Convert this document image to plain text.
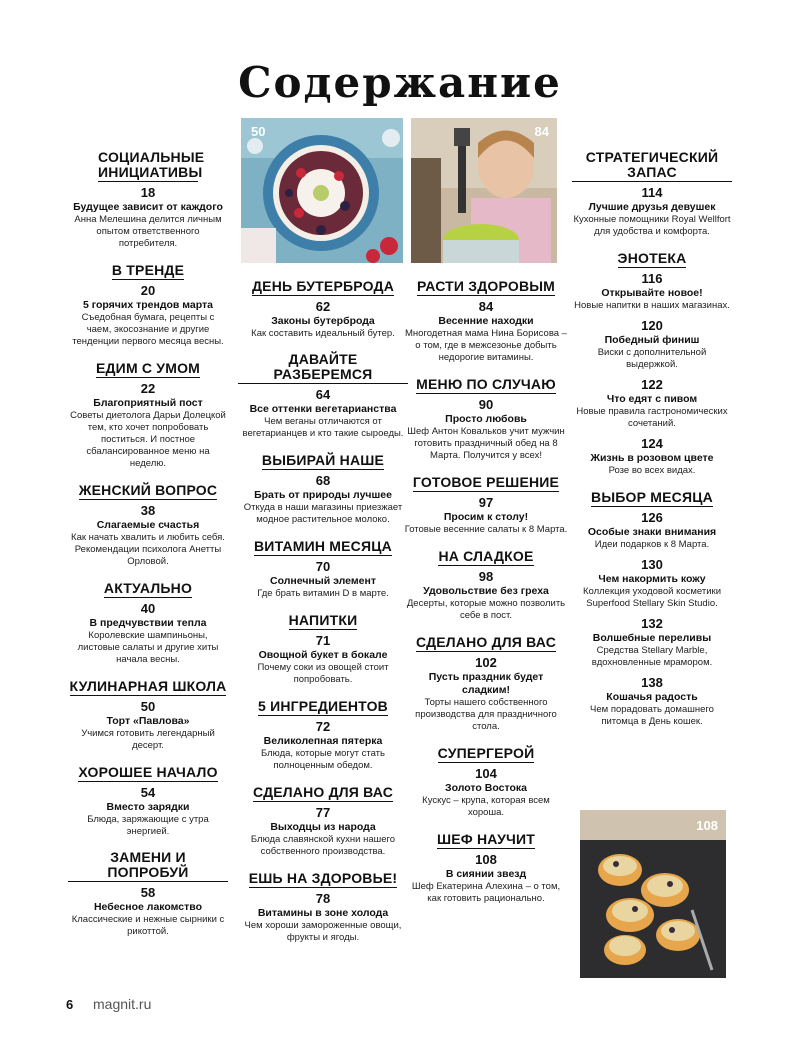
Содержание
50	84
108
СОЦИАЛЬНЫЕ ИНИЦИАТИВЫ
18
Будущее зависит от каждого
Анна Мелешина делится личным опытом ответственного потребителя.
В ТРЕНДЕ
20
5 горячих трендов марта
Съедобная бумага, рецепты с чаем, экосознание и другие тенденции первого месяца весны.
ЕДИМ С УМОМ
22
Благоприятный пост
Советы диетолога Дарьи Долецкой тем, кто хочет попробовать поститься. И постное сбалансированное меню на неделю.
ЖЕНСКИЙ ВОПРОС
38
Слагаемые счастья
Как начать хвалить и любить себя. Рекомендации психолога Анетты Орловой.
АКТУАЛЬНО
40
В предчувствии тепла
Королевские шампиньоны, листовые салаты и другие хиты начала весны.
КУЛИНАРНАЯ ШКОЛА
50
Торт «Павлова»
Учимся готовить легендарный десерт.
ХОРОШЕЕ НАЧАЛО
54
Вместо зарядки
Блюда, заряжающие с утра энергией.
ЗАМЕНИ И ПОПРОБУЙ
58
Небесное лакомство
Классические и нежные сырники с рикоттой.
ДЕНЬ БУТЕРБРОДА
62
Законы бутерброда
Как составить идеальный бутер.
ДАВАЙТЕ РАЗБЕРЕМСЯ
64
Все оттенки вегетарианства
Чем веганы отличаются от вегетарианцев и кто такие сыроеды.
ВЫБИРАЙ НАШЕ
68
Брать от природы лучшее
Откуда в наши магазины приезжает модное растительное молоко.
ВИТАМИН МЕСЯЦА
70
Солнечный элемент
Где брать витамин D в марте.
НАПИТКИ
71
Овощной букет в бокале
Почему соки из овощей стоит попробовать.
5 ИНГРЕДИЕНТОВ
72
Великолепная пятерка
Блюда, которые могут стать полноценным обедом.
СДЕЛАНО ДЛЯ ВАС
77
Выходцы из народа
Блюда славянской кухни нашего собственного производства.
ЕШЬ НА ЗДОРОВЬЕ!
78
Витамины в зоне холода
Чем хороши замороженные овощи, фрукты и ягоды.
РАСТИ ЗДОРОВЫМ
84
Весенние находки
Многодетная мама Нина Борисова – о том, где в межсезонье добыть недорогие витамины.
МЕНЮ ПО СЛУЧАЮ
90
Просто любовь
Шеф Антон Ковальков учит мужчин готовить праздничный обед на 8 Марта. Получится у всех!
ГОТОВОЕ РЕШЕНИЕ
97
Просим к столу!
Готовые весенние салаты к 8 Марта.
НА СЛАДКОЕ
98
Удовольствие без греха
Десерты, которые можно позволить себе в пост.
СДЕЛАНО ДЛЯ ВАС
102
Пусть праздник будет сладким!
Торты нашего собственного производства для праздничного стола.
СУПЕРГЕРОЙ
104
Золото Востока
Кускус – крупа, которая всем хороша.
ШЕФ НАУЧИТ
108
В сиянии звезд
Шеф Екатерина Алехина – о том, как готовить рационально.
СТРАТЕГИЧЕСКИЙ ЗАПАС
114
Лучшие друзья девушек
Кухонные помощники Royal Wellfort для удобства и комфорта.
ЭНОТЕКА
116
Открывайте новое!
Новые напитки в наших магазинах.
120
Победный финиш
Виски с дополнительной выдержкой.
122
Что едят с пивом
Новые правила гастрономических сочетаний.
124
Жизнь в розовом цвете
Розе во всех видах.
ВЫБОР МЕСЯЦА
126
Особые знаки внимания
Идеи подарков к 8 Марта.
130
Чем накормить кожу
Коллекция уходовой косметики Superfood Stellary Skin Studio.
132
Волшебные переливы
Средства Stellary Marble, вдохновленные мрамором.
138
Кошачья радость
Чем порадовать домашнего питомца в День кошек.
6 magnit.ru
